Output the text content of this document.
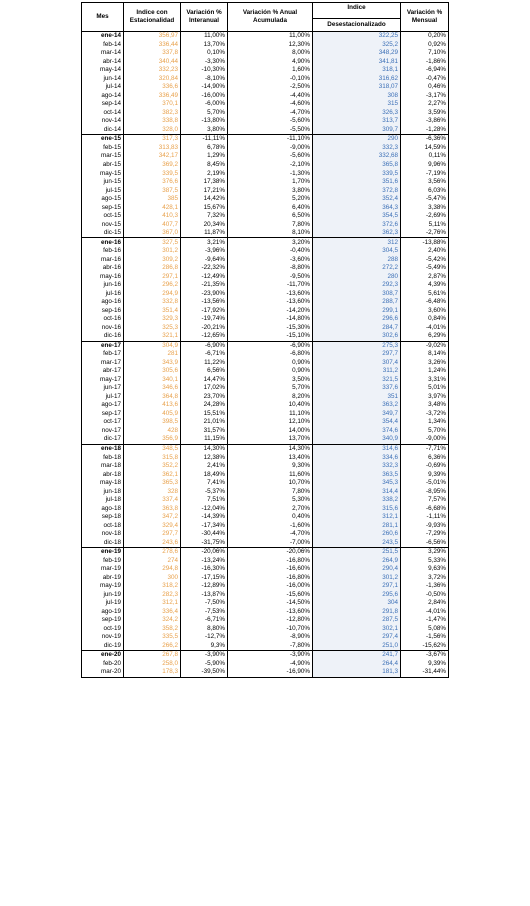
Mes	Indice con Estacionalidad	Variación % Interanual	Variación % Anual Acumulada	Indice
Desestacionalizado	Variación % Mensual
ene-14	356,97	11,00%	11,00%	322,25	0,20%
feb-14	336,44	13,70%	12,30%	325,2	0,92%
mar-14	337,8	0,10%	8,00%	348,29	7,10%
abr-14	340,44	-3,30%	4,90%	341,81	-1,86%
may-14	332,23	-10,30%	1,60%	318,1	-6,94%
jun-14	320,84	-8,10%	-0,10%	316,62	-0,47%
jul-14	336,6	-14,90%	-2,50%	318,07	0,46%
ago-14	336,49	-16,00%	-4,40%	308	-3,17%
sep-14	370,1	-6,00%	-4,60%	315	2,27%
oct-14	382,3	5,70%	-4,70%	326,3	3,59%
nov-14	338,8	-13,80%	-5,60%	313,7	-3,86%
dic-14	328,0	3,80%	-5,50%	309,7	-1,28%
ene-15	317,3	-11,11%	-11,10%	290	-6,36%
feb-15	313,83	6,78%	-9,00%	332,3	14,59%
mar-15	342,17	1,29%	-5,60%	332,68	0,11%
abr-15	369,2	8,45%	-2,10%	365,8	9,96%
may-15	339,5	2,19%	-1,30%	339,5	-7,19%
jun-15	376,6	17,38%	1,70%	351,6	3,56%
jul-15	387,5	17,21%	3,80%	372,8	6,03%
ago-15	385	14,42%	5,20%	352,4	-5,47%
sep-15	428,1	15,67%	6,40%	364,3	3,38%
oct-15	410,3	7,32%	6,50%	354,5	-2,69%
nov-15	407,7	20,34%	7,80%	372,6	5,11%
dic-15	367,0	11,87%	8,10%	362,3	-2,76%
ene-16	327,5	3,21%	3,20%	312	-13,88%
feb-16	301,2	-3,96%	-0,40%	304,5	2,40%
mar-16	309,2	-9,64%	-3,60%	288	-5,42%
abr-16	286,8	-22,32%	-8,80%	272,2	-5,49%
may-16	297,1	-12,49%	-9,50%	280	2,87%
jun-16	296,2	-21,35%	-11,70%	292,3	4,39%
jul-16	294,9	-23,90%	-13,60%	308,7	5,61%
ago-16	332,8	-13,56%	-13,60%	288,7	-6,48%
sep-16	351,4	-17,92%	-14,20%	299,1	3,60%
oct-16	329,3	-19,74%	-14,80%	296,6	0,84%
nov-16	325,3	-20,21%	-15,30%	284,7	-4,01%
dic-16	321,1	-12,65%	-15,10%	302,6	6,29%
ene-17	304,9	-6,90%	-6,90%	275,3	-9,02%
feb-17	281	-6,71%	-6,80%	297,7	8,14%
mar-17	343,9	11,22%	0,90%	307,4	3,26%
abr-17	305,6	6,56%	0,90%	311,2	1,24%
may-17	340,1	14,47%	3,50%	321,5	3,31%
jun-17	346,6	17,02%	5,70%	337,6	5,01%
jul-17	364,8	23,70%	8,20%	351	3,97%
ago-17	413,6	24,28%	10,40%	363,2	3,48%
sep-17	405,9	15,51%	11,10%	349,7	-3,72%
oct-17	398,5	21,01%	12,10%	354,4	1,34%
nov-17	428	31,57%	14,00%	374,6	5,70%
dic-17	356,9	11,15%	13,70%	340,9	-9,00%
ene-18	348,5	14,30%	14,30%	314,6	-7,71%
feb-18	315,8	12,38%	13,40%	334,6	6,36%
mar-18	352,2	2,41%	9,30%	332,3	-0,69%
abr-18	362,1	18,49%	11,60%	363,5	9,39%
may-18	365,3	7,41%	10,70%	345,3	-5,01%
jun-18	328	-5,37%	7,80%	314,4	-8,95%
jul-18	337,4	7,51%	5,30%	338,2	7,57%
ago-18	363,8	-12,04%	2,70%	315,6	-6,68%
sep-18	347,2	-14,39%	0,40%	312,1	-1,11%
oct-18	329,4	-17,34%	-1,60%	281,1	-9,93%
nov-18	297,7	-30,44%	-4,70%	260,6	-7,29%
dic-18	243,6	-31,75%	-7,00%	243,5	-6,56%
ene-19	278,6	-20,06%	-20,06%	251,5	3,29%
feb-19	274	-13,24%	-16,80%	264,9	5,33%
mar-19	294,8	-16,30%	-16,60%	290,4	9,63%
abr-19	300	-17,15%	-16,80%	301,2	3,72%
may-19	318,2	-12,89%	-16,00%	297,1	-1,36%
jun-19	282,3	-13,87%	-15,60%	295,6	-0,50%
jul-19	312,1	-7,50%	-14,50%	304	2,84%
ago-19	336,4	-7,53%	-13,60%	291,8	-4,01%
sep-19	324,2	-6,71%	-12,80%	287,5	-1,47%
oct-19	358,2	8,80%	-10,70%	302,1	5,08%
nov-19	335,5	-12,7%	-8,90%	297,4	-1,56%
dic-19	266,2	9,3%	-7,80%	251,0	-15,62%
ene-20	267,8	-3,90%	-3,90%	241,7	-3,67%
feb-20	258,0	-5,90%	-4,90%	264,4	9,39%
mar-20	178,3	-39,50%	-16,90%	181,3	-31,44%
